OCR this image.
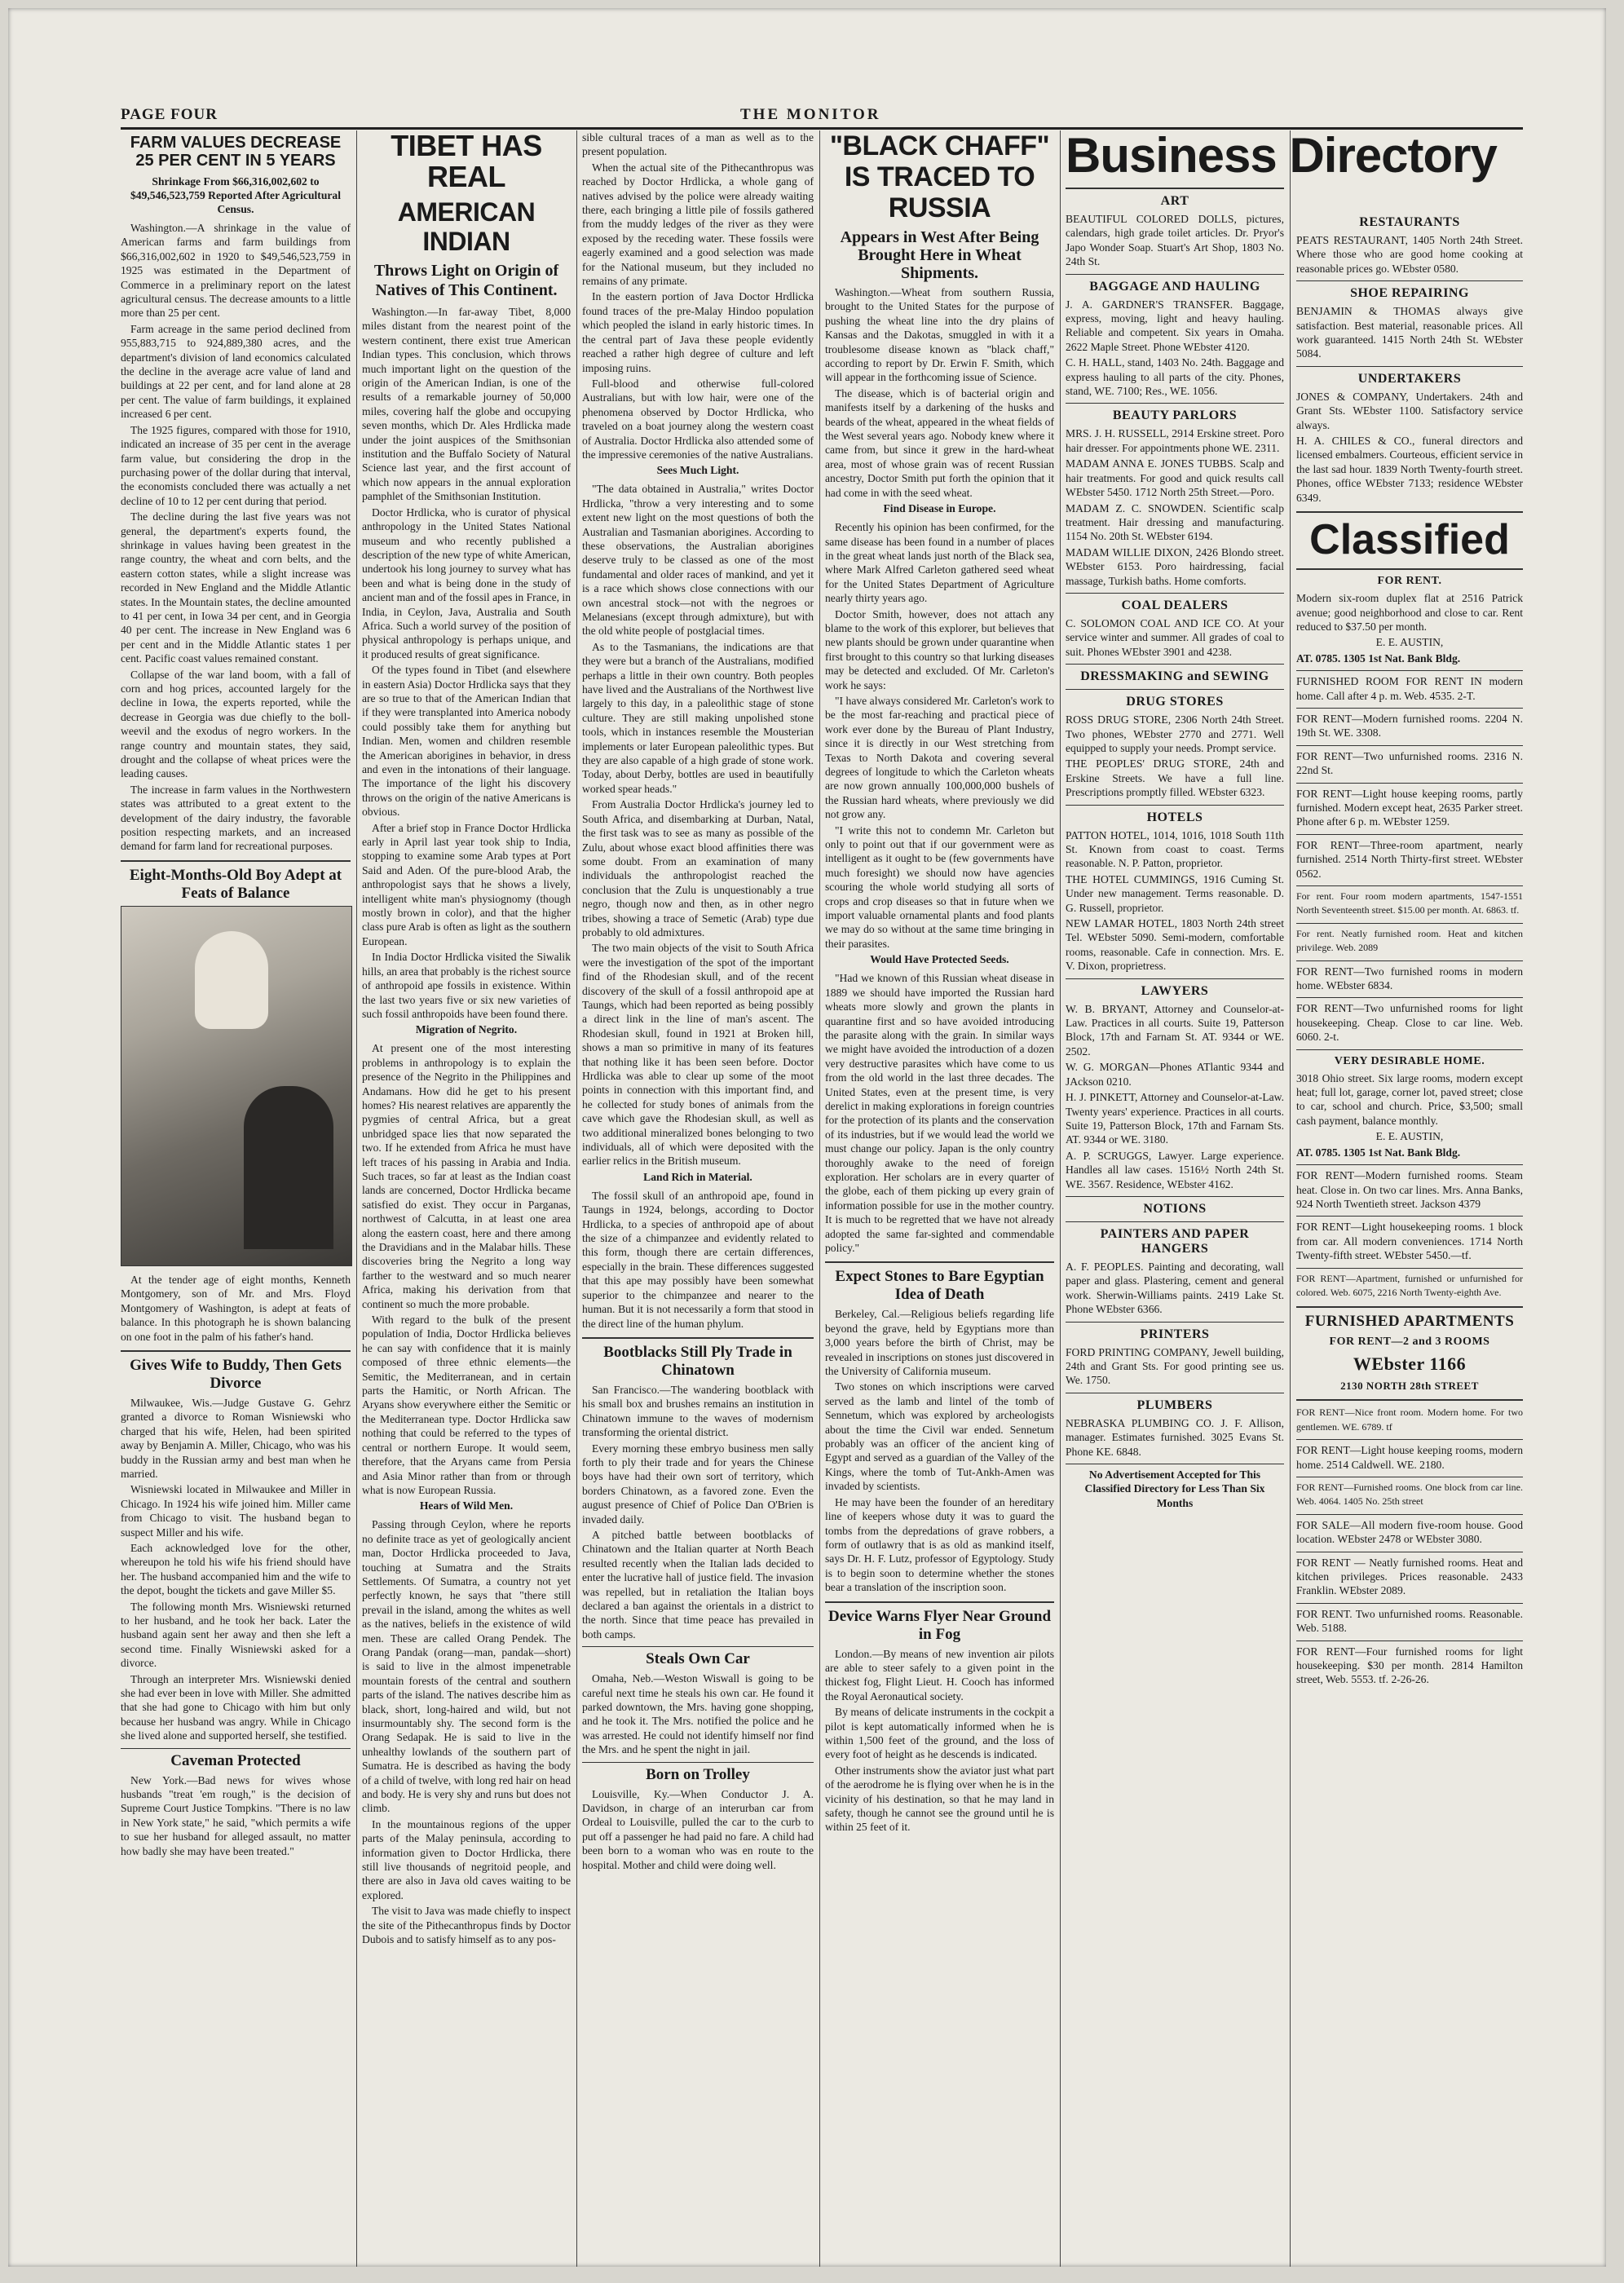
PAGE FOUR	THE MONITOR
FARM VALUES DECREASE 25 PER CENT IN 5 YEARS
Shrinkage From $66,316,002,602 to $49,546,523,759 Reported After Agricultural Census.

Washington.—A shrinkage in the value of American farms and farm buildings from $66,316,002,602 in 1920 to $49,546,523,759 in 1925 was estimated in the Department of Commerce in a preliminary report on the latest agricultural census. The decrease amounts to a little more than 25 per cent.

Farm acreage in the same period declined from 955,883,715 to 924,889,380 acres, and the department's division of land economics calculated the decline in the average acre value of land and buildings at 22 per cent, and for land alone at 28 per cent. The value of farm buildings, it explained increased 6 per cent.

The 1925 figures, compared with those for 1910, indicated an increase of 35 per cent in the average farm value, but considering the drop in the purchasing power of the dollar during that interval, the economists concluded there was actually a net decline of 10 to 12 per cent during that period.

The decline during the last five years was not general, the department's experts found, the shrinkage in values having been greatest in the range country, the wheat and corn belts, and the eastern cotton states, while a slight increase was recorded in New England and the Middle Atlantic states. In the Mountain states, the decline amounted to 41 per cent, in Iowa 34 per cent, and in Georgia 40 per cent. The increase in New England was 6 per cent and in the Middle Atlantic states 1 per cent. Pacific coast values remained constant.

Collapse of the war land boom, with a fall of corn and hog prices, accounted largely for the decline in Iowa, the experts reported, while the decrease in Georgia was due chiefly to the boll-weevil and the exodus of negro workers. In the range country and mountain states, they said, drought and the collapse of wheat prices were the leading causes.

The increase in farm values in the Northwestern states was attributed to a great extent to the development of the dairy industry, the favorable position respecting markets, and an increased demand for farm land for recreational purposes.

Eight-Months-Old Boy Adept at Feats of Balance

At the tender age of eight months, Kenneth Montgomery, son of Mr. and Mrs. Floyd Montgomery of Washington, is adept at feats of balance. In this photograph he is shown balancing on one foot in the palm of his father's hand.

Gives Wife to Buddy, Then Gets Divorce

Milwaukee, Wis.—Judge Gustave G. Gehrz granted a divorce to Roman Wisniewski who charged that his wife, Helen, had been spirited away by Benjamin A. Miller, Chicago, who was his buddy in the Russian army and best man when he married.

Wisniewski located in Milwaukee and Miller in Chicago. In 1924 his wife joined him. Miller came from Chicago to visit. The husband began to suspect Miller and his wife.

Each acknowledged love for the other, whereupon he told his wife his friend should have her. The husband accompanied him and the wife to the depot, bought the tickets and gave Miller $5.

The following month Mrs. Wisniewski returned to her husband, and he took her back. Later the husband again sent her away and then she left a second time. Finally Wisniewski asked for a divorce.

Through an interpreter Mrs. Wisniewski denied she had ever been in love with Miller. She admitted that she had gone to Chicago with him but only because her husband was angry. While in Chicago she lived alone and supported herself, she testified.

Caveman Protected

New York.—Bad news for wives whose husbands "treat 'em rough," is the decision of Supreme Court Justice Tompkins. "There is no law in New York state," he said, "which permits a wife to sue her husband for alleged assault, no matter how badly she may have been treated."

TIBET HAS REAL
AMERICAN INDIAN
Throws Light on Origin of Natives of This Continent.

Washington.—In far-away Tibet, 8,000 miles distant from the nearest point of the western continent, there exist true American Indian types. This conclusion, which throws much important light on the question of the origin of the American Indian, is one of the results of a remarkable journey of 50,000 miles, covering half the globe and occupying seven months, which Dr. Ales Hrdlicka made under the joint auspices of the Smithsonian institution and the Buffalo Society of Natural Science last year, and the first account of which now appears in the annual exploration pamphlet of the Smithsonian Institution.

Doctor Hrdlicka, who is curator of physical anthropology in the United States National museum and who recently published a description of the new type of white American, undertook his long journey to survey what has been and what is being done in the study of ancient man and of the fossil apes in France, in India, in Ceylon, Java, Australia and South Africa. Such a world survey of the position of physical anthropology is perhaps unique, and it produced results of great significance.

Of the types found in Tibet (and elsewhere in eastern Asia) Doctor Hrdlicka says that they are so true to that of the American Indian that if they were transplanted into America nobody could possibly take them for anything but Indian. Men, women and children resemble the American aborigines in behavior, in dress and even in the intonations of their language. The importance of the light his discovery throws on the origin of the native Americans is obvious.

After a brief stop in France Doctor Hrdlicka early in April last year took ship to India, stopping to examine some Arab types at Port Said and Aden. Of the pure-blood Arab, the anthropologist says that he shows a lively, intelligent white man's physiognomy (though mostly brown in color), and that the higher class pure Arab is often as light as the southern European.

In India Doctor Hrdlicka visited the Siwalik hills, an area that probably is the richest source of anthropoid ape fossils in existence. Within the last two years five or six new varieties of such fossil anthropoids have been found there.

Migration of Negrito.

At present one of the most interesting problems in anthropology is to explain the presence of the Negrito in the Philippines and Andamans. How did he get to his present homes? His nearest relatives are apparently the pygmies of central Africa, but a great unbridged space lies that now separated the two. If he extended from Africa he must have left traces of his passing in Arabia and India. Such traces, so far at least as the Indian coast lands are concerned, Doctor Hrdlicka became satisfied do exist. They occur in Parganas, northwest of Calcutta, in at least one area along the eastern coast, here and there among the Dravidians and in the Malabar hills. These discoveries bring the Negrito a long way farther to the westward and so much nearer Africa, making his derivation from that continent so much the more probable.

With regard to the bulk of the present population of India, Doctor Hrdlicka believes he can say with confidence that it is mainly composed of three ethnic elements—the Semitic, the Mediterranean, and in certain parts the Hamitic, or North African. The Aryans show everywhere either the Semitic or the Mediterranean type. Doctor Hrdlicka saw nothing that could be referred to the types of central or northern Europe. It would seem, therefore, that the Aryans came from Persia and Asia Minor rather than from or through what is now European Russia.

Hears of Wild Men.

Passing through Ceylon, where he reports no definite trace as yet of geologically ancient man, Doctor Hrdlicka proceeded to Java, touching at Sumatra and the Straits Settlements. Of Sumatra, a country not yet perfectly known, he says that "there still prevail in the island, among the whites as well as the natives, beliefs in the existence of wild men. These are called Orang Pendek. The Orang Pandak (orang—man, pandak—short) is said to live in the almost impenetrable mountain forests of the central and southern parts of the island. The natives describe him as black, short, long-haired and wild, but not insurmountably shy. The second form is the Orang Sedapak. He is said to live in the unhealthy lowlands of the southern part of Sumatra. He is described as having the body of a child of twelve, with long red hair on head and body. He is very shy and runs but does not climb.

In the mountainous regions of the upper parts of the Malay peninsula, according to information given to Doctor Hrdlicka, there still live thousands of negritoid people, and there are also in Java old caves waiting to be explored.

The visit to Java was made chiefly to inspect the site of the Pithecanthropus finds by Doctor Dubois and to satisfy himself as to any pos-

sible cultural traces of a man as well as to the present population.

When the actual site of the Pithecanthropus was reached by Doctor Hrdlicka, a whole gang of natives advised by the police were already waiting there, each bringing a little pile of fossils gathered from the muddy ledges of the river as they were exposed by the receding water. These fossils were eagerly examined and a good selection was made for the National museum, but they included no remains of any primate.

In the eastern portion of Java Doctor Hrdlicka found traces of the pre-Malay Hindoo population which peopled the island in early historic times. In the central part of Java these people evidently reached a rather high degree of culture and left imposing ruins.

Full-blood and otherwise full-colored Australians, but with low hair, were one of the phenomena observed by Doctor Hrdlicka, who traveled on a boat journey along the western coast of Australia. Doctor Hrdlicka also attended some of the impressive ceremonies of the native Australians.

Sees Much Light.

"The data obtained in Australia," writes Doctor Hrdlicka, "throw a very interesting and to some extent new light on the most questions of both the Australian and Tasmanian aborigines. According to these observations, the Australian aborigines deserve truly to be classed as one of the most fundamental and older races of mankind, and yet it is a race which shows close connections with our own ancestral stock—not with the negroes or Melanesians (except through admixture), but with the old white people of postglacial times.

As to the Tasmanians, the indications are that they were but a branch of the Australians, modified perhaps a little in their own country. Both peoples have lived and the Australians of the Northwest live largely to this day, in a paleolithic stage of stone culture. They are still making unpolished stone tools, which in instances resemble the Mousterian implements or later European paleolithic types. But they are also capable of a high grade of stone work. Today, about Derby, bottles are used in beautifully worked spear heads."

From Australia Doctor Hrdlicka's journey led to South Africa, and disembarking at Durban, Natal, the first task was to see as many as possible of the Zulu, about whose exact blood affinities there was some doubt. From an examination of many individuals the anthropologist reached the conclusion that the Zulu is unquestionably a true negro, though now and then, as in other negro tribes, showing a trace of Semetic (Arab) type due probably to old admixtures.

The two main objects of the visit to South Africa were the investigation of the spot of the important find of the Rhodesian skull, and of the recent discovery of the skull of a fossil anthropoid ape at Taungs, which had been reported as being possibly a direct link in the line of man's ascent. The Rhodesian skull, found in 1921 at Broken hill, shows a man so primitive in many of its features that nothing like it has been seen before. Doctor Hrdlicka was able to clear up some of the moot points in connection with this important find, and he collected for study bones of animals from the cave which gave the Rhodesian skull, as well as two additional mineralized bones belonging to two individuals, all of which were deposited with the earlier relics in the British museum.

Land Rich in Material.

The fossil skull of an anthropoid ape, found in Taungs in 1924, belongs, according to Doctor Hrdlicka, to a species of anthropoid ape of about the size of a chimpanzee and evidently related to this form, though there are certain differences, especially in the brain. These differences suggested that this ape may possibly have been somewhat superior to the chimpanzee and nearer to the human. But it is not necessarily a form that stood in the direct line of the human phylum.

Bootblacks Still Ply Trade in Chinatown

San Francisco.—The wandering bootblack with his small box and brushes remains an institution in Chinatown immune to the waves of modernism transforming the oriental district.

Every morning these embryo business men sally forth to ply their trade and for years the Chinese boys have had their own sort of territory, which borders Chinatown, as a favored zone. Even the august presence of Chief of Police Dan O'Brien is invaded daily.

A pitched battle between bootblacks of Chinatown and the Italian quarter at North Beach resulted recently when the Italian lads decided to enter the lucrative hall of justice field. The invasion was repelled, but in retaliation the Italian boys declared a ban against the orientals in a district to the north. Since that time peace has prevailed in both camps.

Steals Own Car

Omaha, Neb.—Weston Wiswall is going to be careful next time he steals his own car. He found it parked downtown, the Mrs. having gone shopping, and he took it. The Mrs. notified the police and he was arrested. He could not identify himself nor find the Mrs. and he spent the night in jail.

Born on Trolley

Louisville, Ky.—When Conductor J. A. Davidson, in charge of an interurban car from Ordeal to Louisville, pulled the car to the curb to put off a passenger he had paid no fare. A child had been born to a woman who was en route to the hospital. Mother and child were doing well.

"BLACK CHAFF" IS TRACED TO RUSSIA
Appears in West After Being Brought Here in Wheat Shipments.

Washington.—Wheat from southern Russia, brought to the United States for the purpose of pushing the wheat line into the dry plains of Kansas and the Dakotas, smuggled in with it a troublesome disease known as "black chaff," according to report by Dr. Erwin F. Smith, which will appear in the forthcoming issue of Science.

The disease, which is of bacterial origin and manifests itself by a darkening of the husks and beards of the wheat, appeared in the wheat fields of the West several years ago. Nobody knew where it came from, but since it grew in the hard-wheat area, most of whose grain was of recent Russian ancestry, Doctor Smith put forth the opinion that it had come in with the seed wheat.

Find Disease in Europe.

Recently his opinion has been confirmed, for the same disease has been found in a number of places in the great wheat lands just north of the Black sea, where Mark Alfred Carleton gathered seed wheat for the United States Department of Agriculture nearly thirty years ago.

Doctor Smith, however, does not attach any blame to the work of this explorer, but believes that new plants should be grown under quarantine when first brought to this country so that lurking diseases may be detected and excluded. Of Mr. Carleton's work he says:

"I have always considered Mr. Carleton's work to be the most far-reaching and practical piece of work ever done by the Bureau of Plant Industry, since it is directly in our West stretching from Texas to North Dakota and covering several degrees of longitude to which the Carleton wheats are now grown annually 100,000,000 bushels of the Russian hard wheats, where previously we did not grow any.

"I write this not to condemn Mr. Carleton but only to point out that if our government were as intelligent as it ought to be (few governments have much foresight) we should now have agencies scouring the whole world studying all sorts of crops and crop diseases so that in future when we import valuable ornamental plants and food plants we may do so without at the same time bringing in their parasites.

Would Have Protected Seeds.

"Had we known of this Russian wheat disease in 1889 we should have imported the Russian hard wheats more slowly and grown the plants in quarantine first and so have avoided introducing the parasite along with the grain. In similar ways we might have avoided the introduction of a dozen very destructive parasites which have come to us from the old world in the last three decades. The United States, even at the present time, is very derelict in making explorations in foreign countries for the protection of its plants and the conservation of its industries, but if we would lead the world we must change our policy. Japan is the only country thoroughly awake to the need of foreign exploration. Her scholars are in every quarter of the globe, each of them picking up every grain of information possible for use in the mother country. It is much to be regretted that we have not already adopted the same far-sighted and commendable policy."

Expect Stones to Bare Egyptian Idea of Death

Berkeley, Cal.—Religious beliefs regarding life beyond the grave, held by Egyptians more than 3,000 years before the birth of Christ, may be revealed in inscriptions on stones just discovered in the University of California museum.

Two stones on which inscriptions were carved served as the lamb and lintel of the tomb of Sennetum, which was explored by archeologists about the time the Civil war ended. Sennetum probably was an officer of the ancient king of Egypt and served as a guardian of the Valley of the Kings, where the tomb of Tut-Ankh-Amen was invaded by scientists.

He may have been the founder of an hereditary line of keepers whose duty it was to guard the tombs from the depredations of grave robbers, a form of outlawry that is as old as mankind itself, says Dr. H. F. Lutz, professor of Egyptology. Study is to begin soon to determine whether the stones bear a translation of the inscription soon.

Device Warns Flyer Near Ground in Fog

London.—By means of new invention air pilots are able to steer safely to a given point in the thickest fog, Flight Lieut. H. Cooch has informed the Royal Aeronautical society.

By means of delicate instruments in the cockpit a pilot is kept automatically informed when he is within 1,500 feet of the ground, and the loss of every foot of height as he descends is indicated.

Other instruments show the aviator just what part of the aerodrome he is flying over when he is in the vicinity of his destination, so that he may land in safety, though he cannot see the ground until he is within 25 feet of it.

Business Directory
ART

BEAUTIFUL COLORED DOLLS, pictures, calendars, high grade toilet articles. Dr. Pryor's Japo Wonder Soap. Stuart's Art Shop, 1803 No. 24th St.

BAGGAGE AND HAULING

J. A. GARDNER'S TRANSFER. Baggage, express, moving, light and heavy hauling. Reliable and competent. Six years in Omaha. 2622 Maple Street. Phone WEbster 4120.

C. H. HALL, stand, 1403 No. 24th. Baggage and express hauling to all parts of the city. Phones, stand, WE. 7100; Res., WE. 1056.

BEAUTY PARLORS

MRS. J. H. RUSSELL, 2914 Erskine street. Poro hair dresser. For appointments phone WE. 2311.

MADAM ANNA E. JONES TUBBS. Scalp and hair treatments. For good and quick results call WEbster 5450. 1712 North 25th Street.—Poro.

MADAM Z. C. SNOWDEN. Scientific scalp treatment. Hair dressing and manufacturing. 1154 No. 20th St. WEbster 6194.

MADAM WILLIE DIXON, 2426 Blondo street. WEbster 6153. Poro hairdressing, facial massage, Turkish baths. Home comforts.

COAL DEALERS

C. SOLOMON COAL AND ICE CO. At your service winter and summer. All grades of coal to suit. Phones WEbster 3901 and 4238.

DRESSMAKING and SEWING
DRUG STORES

ROSS DRUG STORE, 2306 North 24th Street. Two phones, WEbster 2770 and 2771. Well equipped to supply your needs. Prompt service.

THE PEOPLES' DRUG STORE, 24th and Erskine Streets. We have a full line. Prescriptions promptly filled. WEbster 6323.

HOTELS

PATTON HOTEL, 1014, 1016, 1018 South 11th St. Known from coast to coast. Terms reasonable. N. P. Patton, proprietor.

THE HOTEL CUMMINGS, 1916 Cuming St. Under new management. Terms reasonable. D. G. Russell, proprietor.

NEW LAMAR HOTEL, 1803 North 24th street Tel. WEbster 5090. Semi-modern, comfortable rooms, reasonable. Cafe in connection. Mrs. E. V. Dixon, proprietress.

LAWYERS

W. B. BRYANT, Attorney and Counselor-at-Law. Practices in all courts. Suite 19, Patterson Block, 17th and Farnam St. AT. 9344 or WE. 2502.

W. G. MORGAN—Phones ATlantic 9344 and JAckson 0210.

H. J. PINKETT, Attorney and Counselor-at-Law. Twenty years' experience. Practices in all courts. Suite 19, Patterson Block, 17th and Farnam Sts. AT. 9344 or WE. 3180.

A. P. SCRUGGS, Lawyer. Large experience. Handles all law cases. 1516½ North 24th St. WE. 3567. Residence, WEbster 4162.

NOTIONS
PAINTERS AND PAPER HANGERS

A. F. PEOPLES. Painting and decorating, wall paper and glass. Plastering, cement and general work. Sherwin-Williams paints. 2419 Lake St. Phone WEbster 6366.

PRINTERS

FORD PRINTING COMPANY, Jewell building, 24th and Grant Sts. For good printing see us. We. 1750.

PLUMBERS

NEBRASKA PLUMBING CO. J. F. Allison, manager. Estimates furnished. 3025 Evans St. Phone KE. 6848.

No Advertisement Accepted for This Classified Directory for Less Than Six Months

RESTAURANTS

PEATS RESTAURANT, 1405 North 24th Street. Where those who are good home cooking at reasonable prices go. WEbster 0580.

SHOE REPAIRING

BENJAMIN & THOMAS always give satisfaction. Best material, reasonable prices. All work guaranteed. 1415 North 24th St. WEbster 5084.

UNDERTAKERS

JONES & COMPANY, Undertakers. 24th and Grant Sts. WEbster 1100. Satisfactory service always.

H. A. CHILES & CO., funeral directors and licensed embalmers. Courteous, efficient service in the last sad hour. 1839 North Twenty-fourth street. Phones, office WEbster 7133; residence WEbster 6349.

Classified
FOR RENT.

Modern six-room duplex flat at 2516 Patrick avenue; good neighborhood and close to car. Rent reduced to $37.50 per month.

E. E. AUSTIN,

AT. 0785. 1305 1st Nat. Bank Bldg.

FURNISHED ROOM FOR RENT IN modern home. Call after 4 p. m. Web. 4535. 2-T.

FOR RENT—Modern furnished rooms. 2204 N. 19th St. WE. 3308.

FOR RENT—Two unfurnished rooms. 2316 N. 22nd St.

FOR RENT—Light house keeping rooms, partly furnished. Modern except heat, 2635 Parker street. Phone after 6 p. m. WEbster 1259.

FOR RENT—Three-room apartment, nearly furnished. 2514 North Thirty-first street. WEbster 0562.

For rent. Four room modern apartments, 1547-1551 North Seventeenth street. $15.00 per month. At. 6863. tf.

For rent. Neatly furnished room. Heat and kitchen privilege. Web. 2089

FOR RENT—Two furnished rooms in modern home. WEbster 6834.

FOR RENT—Two unfurnished rooms for light housekeeping. Cheap. Close to car line. Web. 6060. 2-t.

VERY DESIRABLE HOME.

3018 Ohio street. Six large rooms, modern except heat; full lot, garage, corner lot, paved street; close to car, school and church. Price, $3,500; small cash payment, balance monthly.

E. E. AUSTIN,

AT. 0785. 1305 1st Nat. Bank Bldg.

FOR RENT—Modern furnished rooms. Steam heat. Close in. On two car lines. Mrs. Anna Banks, 924 North Twentieth street. Jackson 4379

FOR RENT—Light housekeeping rooms. 1 block from car. All modern conveniences. 1714 North Twenty-fifth street. WEbster 5450.—tf.

FOR RENT—Apartment, furnished or unfurnished for colored. Web. 6075, 2216 North Twenty-eighth Ave.

FURNISHED APARTMENTS
FOR RENT—2 and 3 ROOMS
WEbster 1166
2130 NORTH 28th STREET

FOR RENT—Nice front room. Modern home. For two gentlemen. WE. 6789. tf

FOR RENT—Light house keeping rooms, modern home. 2514 Caldwell. WE. 2180.

FOR RENT—Furnished rooms. One block from car line. Web. 4064. 1405 No. 25th street

FOR SALE—All modern five-room house. Good location. WEbster 2478 or WEbster 3080.

FOR RENT — Neatly furnished rooms. Heat and kitchen privileges. Prices reasonable. 2433 Franklin. WEbster 2089.

FOR RENT. Two unfurnished rooms. Reasonable. Web. 5188.

FOR RENT—Four furnished rooms for light housekeeping. $30 per month. 2814 Hamilton street, Web. 5553. tf. 2-26-26.
